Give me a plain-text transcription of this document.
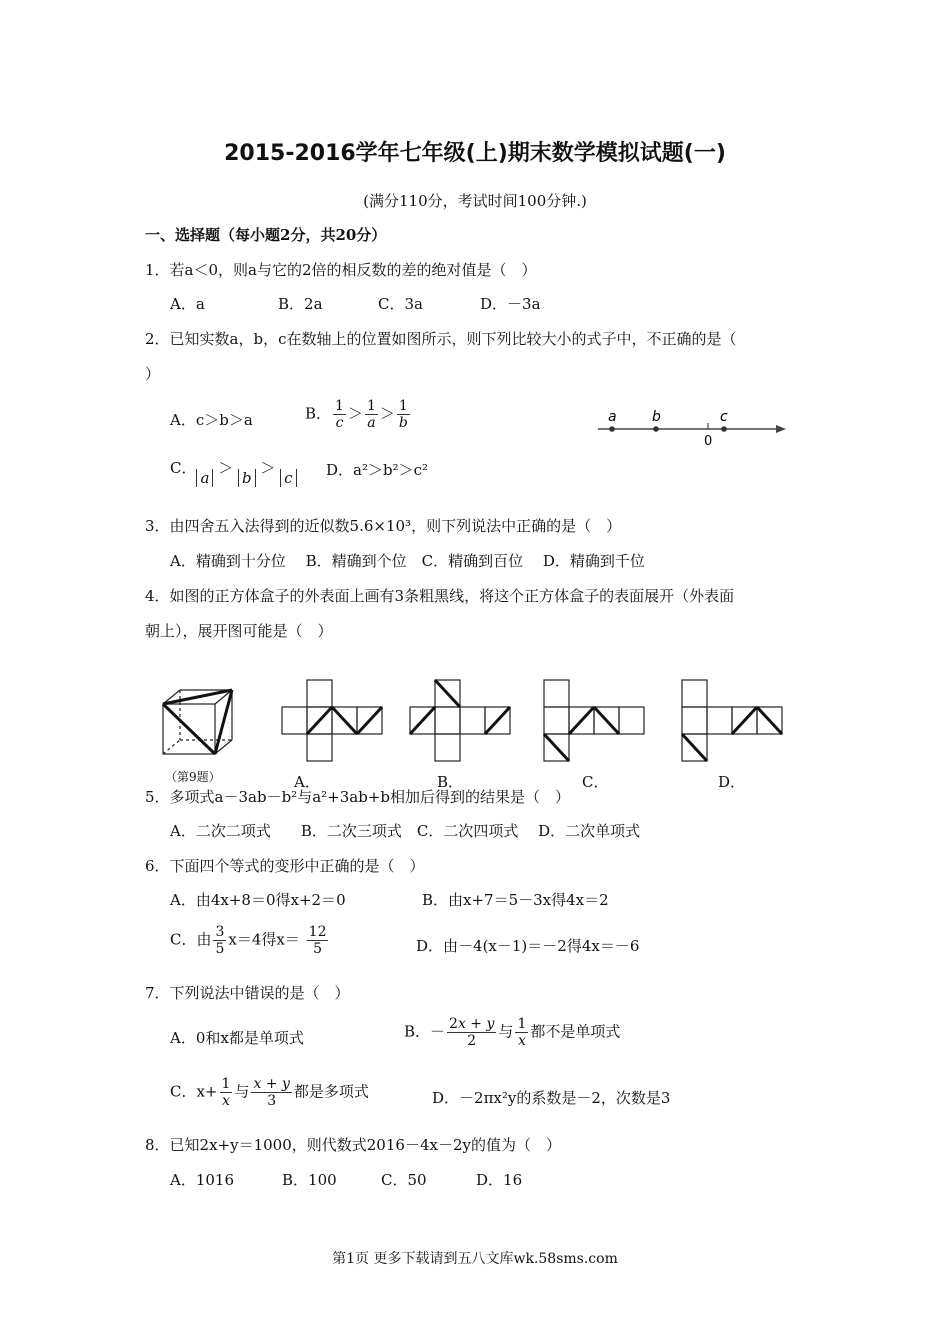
2015-2016学年七年级(上)期末数学模拟试题(一)
(满分110分，考试时间100分钟.)
一、选择题（每小题2分，共20分）
1．若a＜0，则a与它的2倍的相反数的差的绝对值是（　）
A．a	B．2a	C．3a	D．－3a
2．已知实数a，b，c在数轴上的位置如图所示，则下列比较大小的式子中，不正确的是（
）
A．c＞b＞a	B． $\frac{1}{c} > \frac{1}{a} > \frac{1}{b}$
C．a ＞ b ＞ c D．a²＞b²＞c²
a	b
0
c
3．由四舍五入法得到的近似数5.6×10³，则下列说法中正确的是（　）
A．精确到十分位　 B．精确到个位　C．精确到百位　 D．精确到千位
4．如图的正方体盒子的外表面上画有3条粗黑线，将这个正方体盒子的表面展开（外表面
朝上），展开图可能是（　）
（第9题）	A．	B．	C．	D．
5．多项式a－3ab－b²与a²+3ab+b相加后得到的结果是（　）
A．二次二项式　　B．二次三项式　C．二次四项式　 D．二次单项式
6．下面四个等式的变形中正确的是（　）
A．由4x+8＝0得x+2＝0	B．由x+7＝5－3x得4x＝2
C．由 $\frac{3}{5} x=4$得$x= \frac{12}{5}$	D．由－4(x－1)＝－2得4x＝－6
7．下列说法中错误的是（　）
A．0和x都是单项式	B．－ $\frac{2x + y}{2}$ 与 $\frac{1}{x}$ 都不是单项式
C．$x+ \frac{1}{x}$ 与 $\frac{x + y}{3}$ 都是多项式	D．－2πx²y的系数是－2，次数是3
8．已知2x+y＝1000，则代数式2016－4x－2y的值为（　）
A．1016	B．100	C．50	D．16
第1页 更多下载请到五八文库wk.58sms.com
